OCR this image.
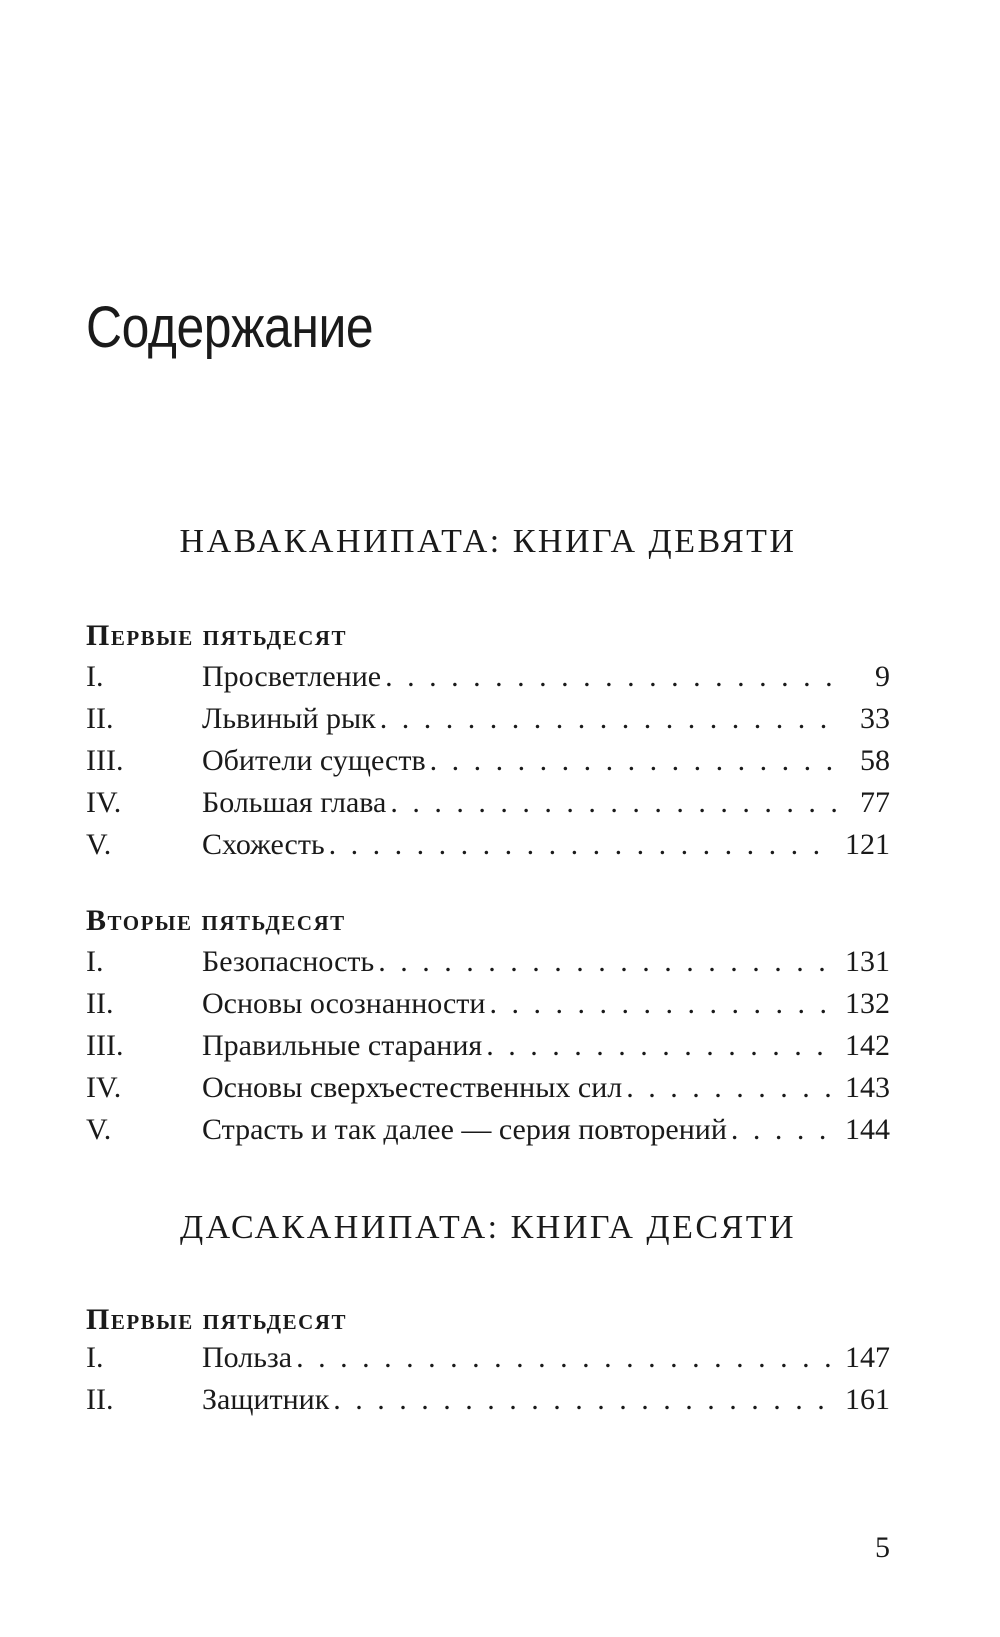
Содержание
НАВАКАНИПАТА: КНИГА ДЕВЯТИ
Первые пятьдесят
I.	Просветление . . .	9
II.	Львиный рык . . .	33
III.	Обители существ . . .	58
IV.	Большая глава . . .	77
V.	Схожесть . . .	121
Вторые пятьдесят
I.	Безопасность . . .	131
II.	Основы осознанности . . .	132
III.	Правильные старания . . .	142
IV.	Основы сверхъестественных сил . . .	143
V.	Страсть и так далее — серия повторений . . .	144
ДАСАКАНИПАТА: КНИГА ДЕСЯТИ
Первые пятьдесят
I.	Польза . . .	147
II.	Защитник . . .	161

5
